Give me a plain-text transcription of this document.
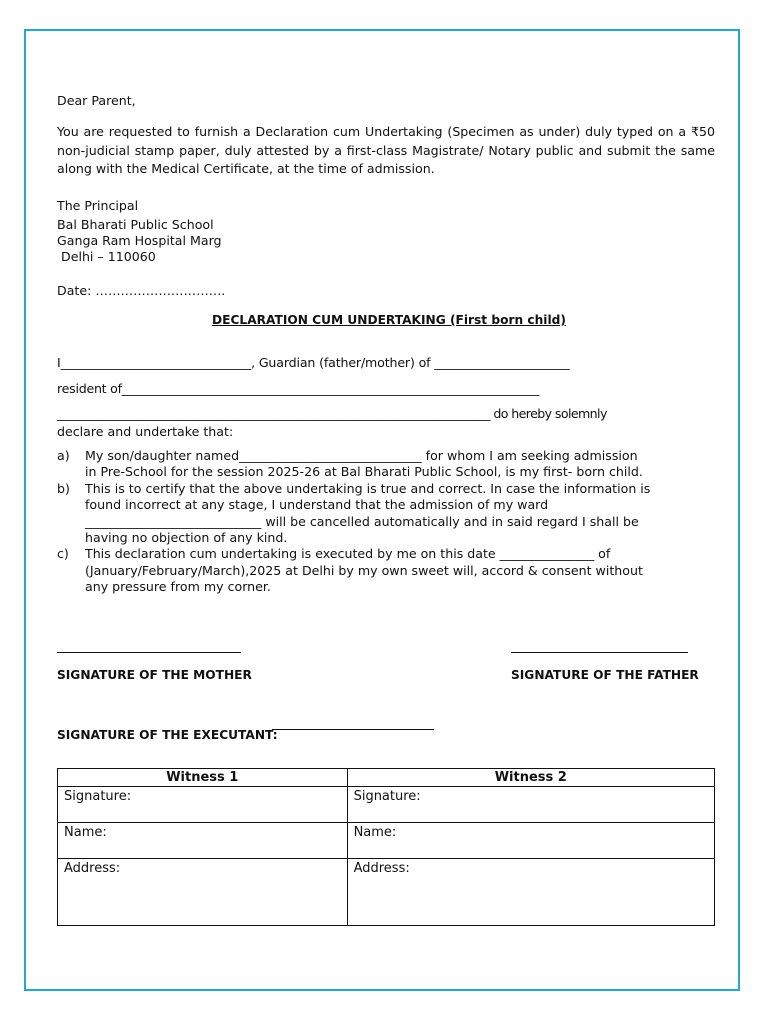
Dear Parent,

You are requested to furnish a Declaration cum Undertaking (Specimen as under) duly typed on a ₹50 non-judicial stamp paper, duly attested by a first-class Magistrate/ Notary public and submit the same along with the Medical Certificate, at the time of admission.

The Principal

Bal Bharati Public School

Ganga Ram Hospital Marg

Delhi – 110060

Date: ………………………….

DECLARATION CUM UNDERTAKING (First born child)

I_______________________________, Guardian (father/mother) of ______________________

resident of_____________________________________________________________________

____________________________________________________________________________ do hereby solemnly

declare and undertake that:

a)	My son/daughter named_____________________________ for whom I am seeking admission
in Pre-School for the session 2025-26 at Bal Bharati Public School, is my first- born child.
b)	This is to certify that the above undertaking is true and correct. In case the information is
found incorrect at any stage, I understand that the admission of my ward
____________________________ will be cancelled automatically and in said regard I shall be
having no objection of any kind.
c)	This declaration cum undertaking is executed by me on this date _______________ of
(January/February/March),2025 at Delhi by my own sweet will, accord & consent without
any pressure from my corner.

SIGNATURE OF THE MOTHER	SIGNATURE OF THE FATHER

SIGNATURE OF THE EXECUTANT:

Witness 1	Witness 2
Signature:	Signature:
Name:	Name:
Address:	Address:
